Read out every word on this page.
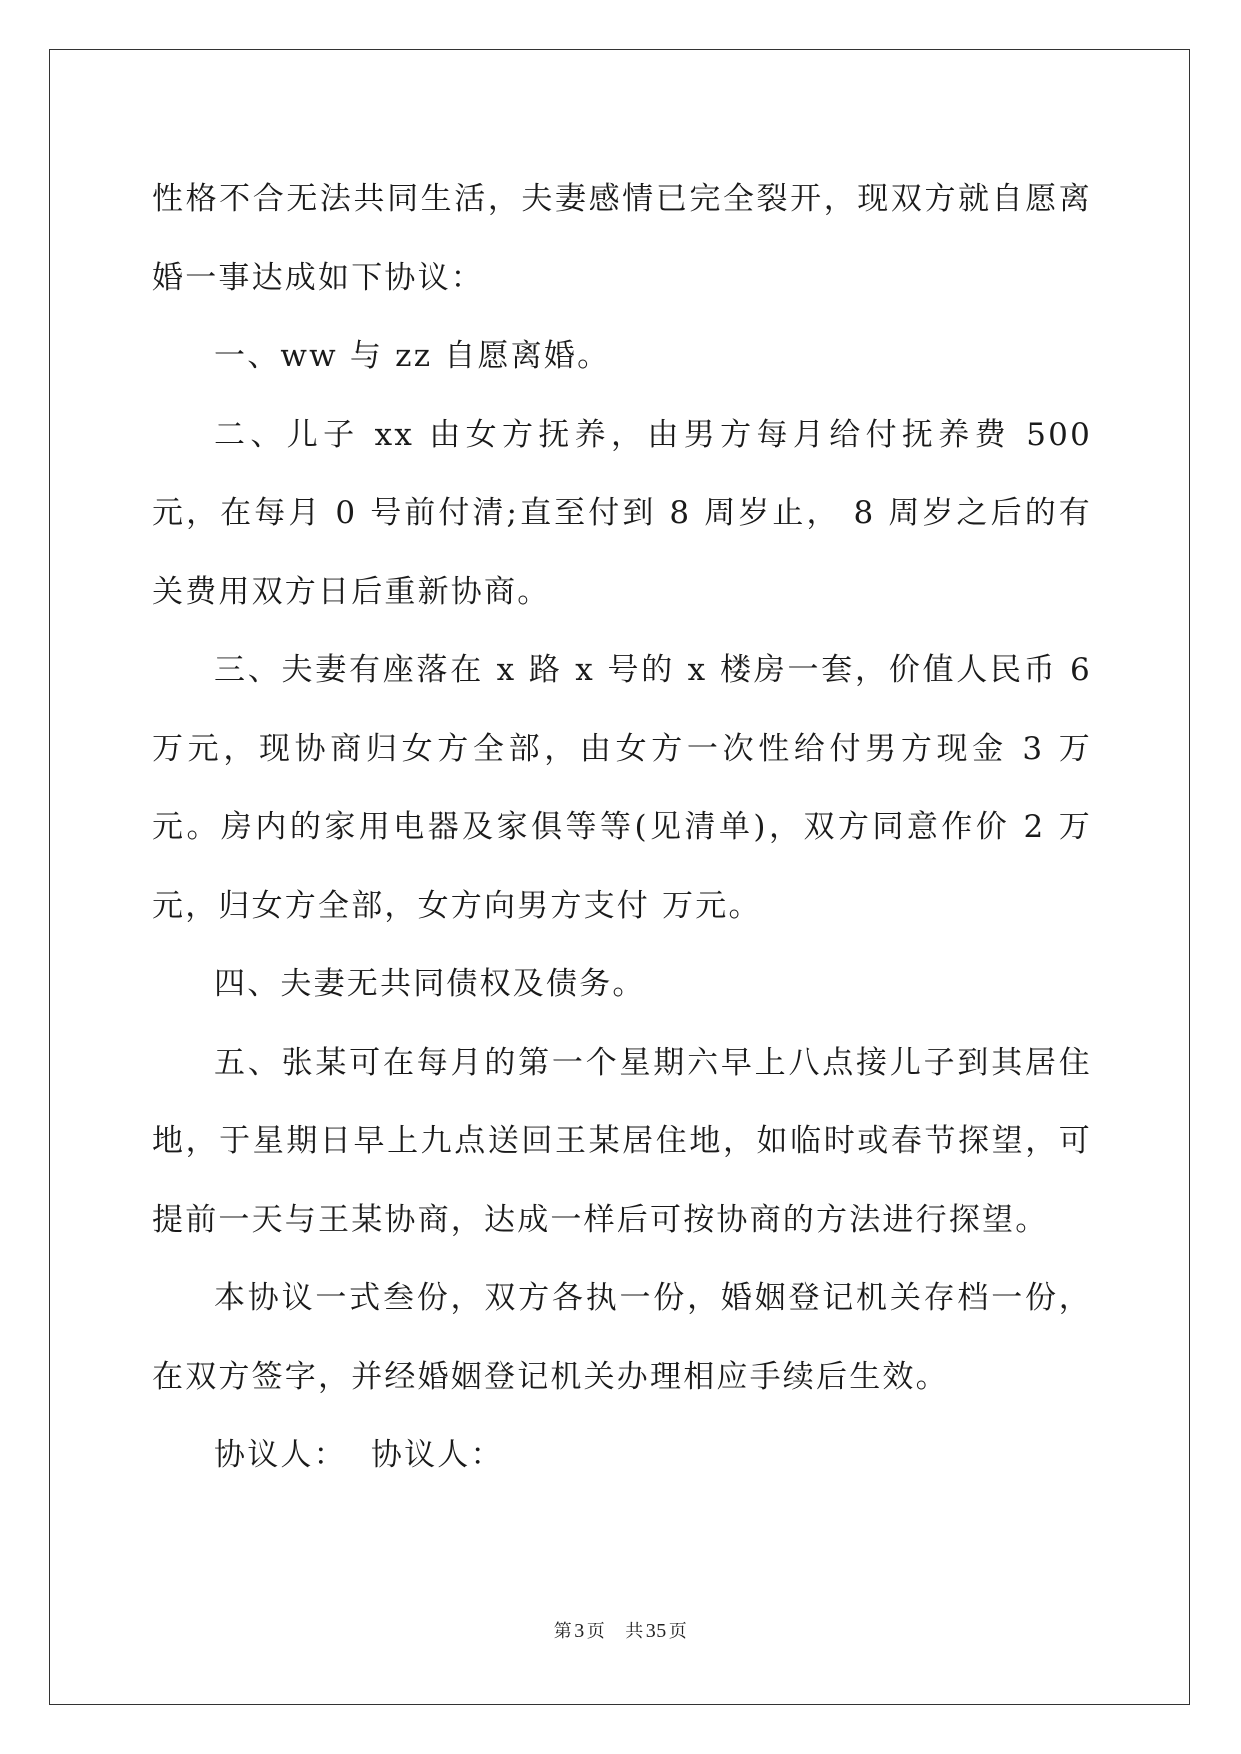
性格不合无法共同生活，夫妻感情已完全裂开，现双方就自愿离婚一事达成如下协议：

一、ww 与 zz 自愿离婚。

二、儿子 xx 由女方抚养，由男方每月给付抚养费 500 元，在每月 0 号前付清;直至付到 8 周岁止， 8 周岁之后的有关费用双方日后重新协商。

三、夫妻有座落在 x 路 x 号的 x 楼房一套，价值人民币 6 万元，现协商归女方全部，由女方一次性给付男方现金 3 万元。房内的家用电器及家俱等等(见清单)，双方同意作价 2 万元，归女方全部，女方向男方支付 万元。

四、夫妻无共同债权及债务。

五、张某可在每月的第一个星期六早上八点接儿子到其居住地，于星期日早上九点送回王某居住地，如临时或春节探望，可提前一天与王某协商，达成一样后可按协商的方法进行探望。

本协议一式叁份，双方各执一份，婚姻登记机关存档一份，在双方签字，并经婚姻登记机关办理相应手续后生效。

协议人：  协议人：

第 3 页 共 35 页
